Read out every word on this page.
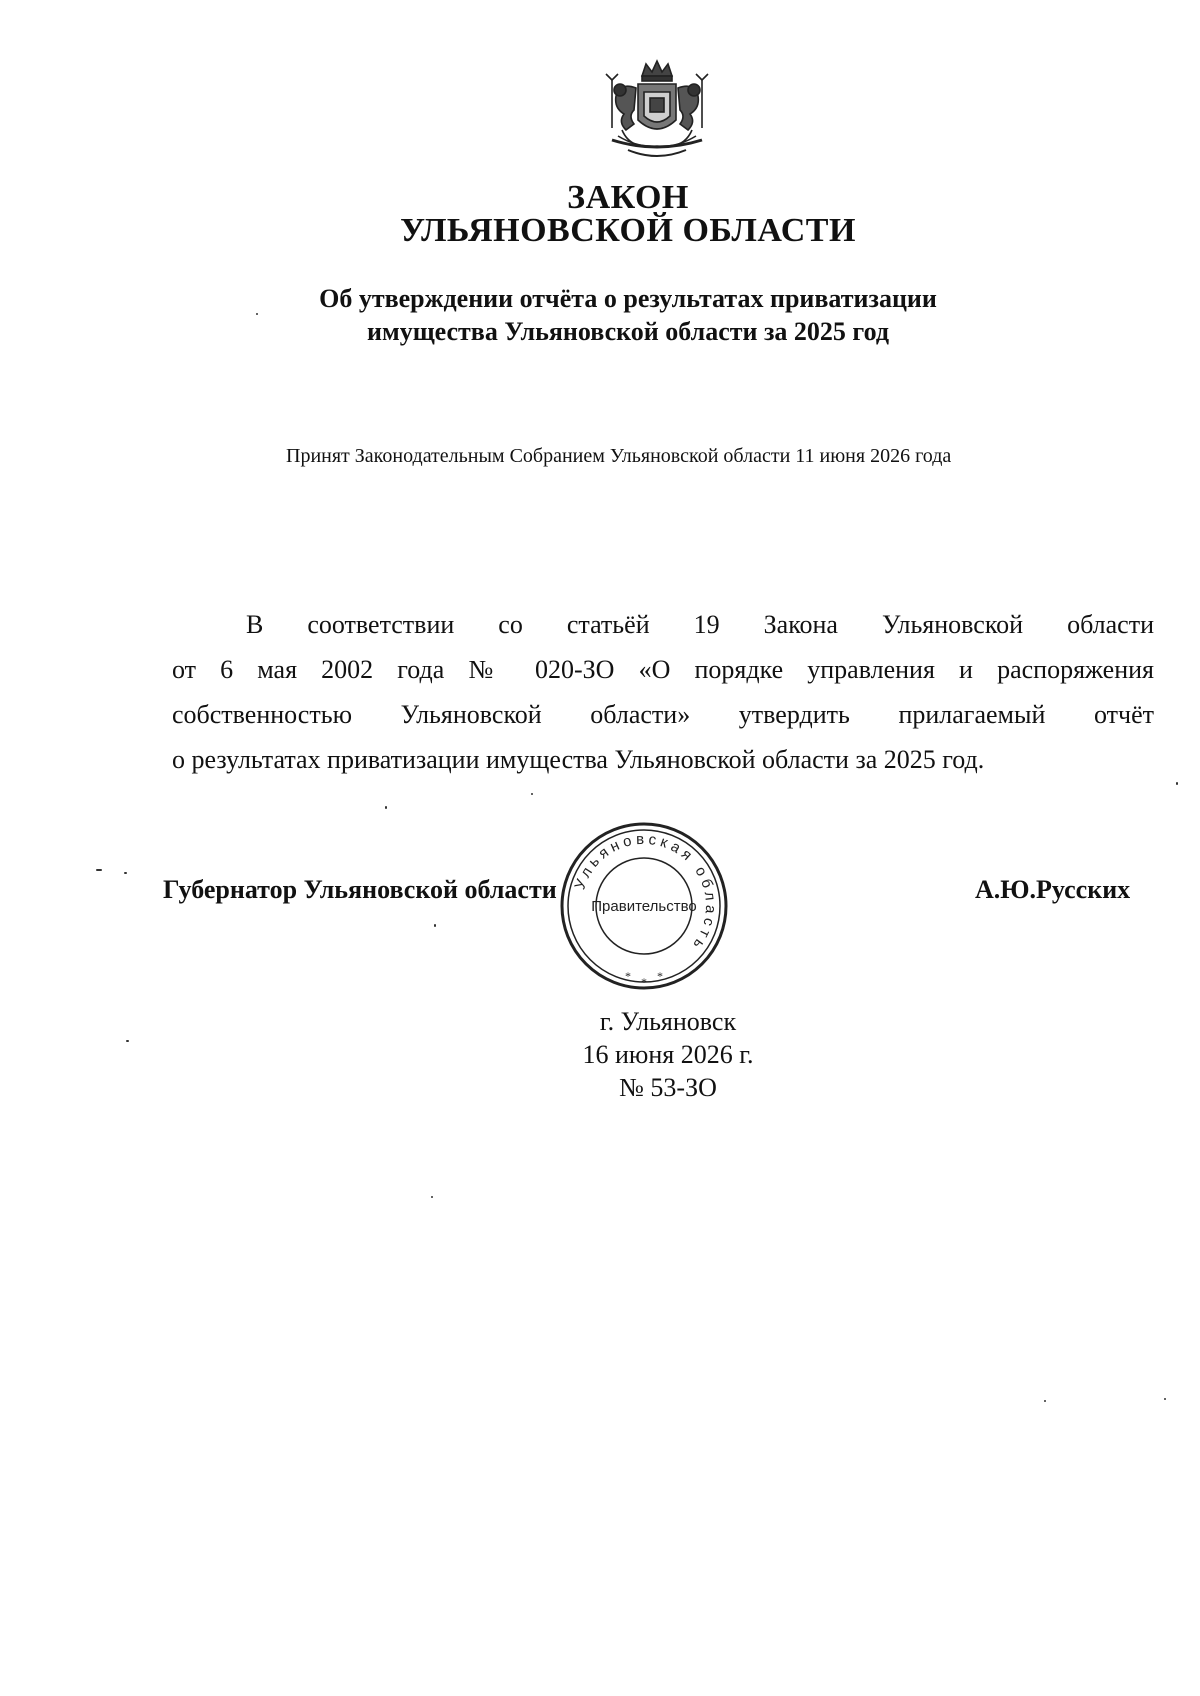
ЗАКОН
УЛЬЯНОВСКОЙ ОБЛАСТИ
Об утверждении отчёта о результатах приватизации
имущества Ульяновской области за 2025 год
Принят Законодательным Собранием Ульяновской области 11 июня 2026 года
В соответствии со статьёй 19 Закона Ульяновской области
от 6 мая 2002 года № 020-ЗО «О порядке управления и распоряжения
собственностью Ульяновской области» утвердить прилагаемый отчёт
о результатах приватизации имущества Ульяновской области за 2025 год.
Губернатор Ульяновской области	А.Ю.Русских
Ульяновская область
Правительство
* *
*
г. Ульяновск
16 июня 2026 г.
№ 53-ЗО
